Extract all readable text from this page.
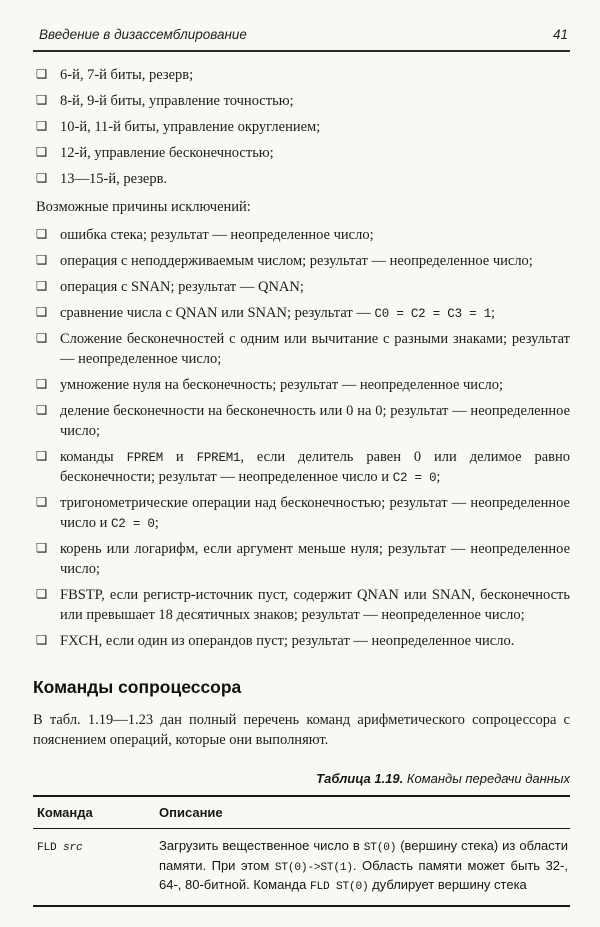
Введение в дизассемблирование	41
❑ 6-й, 7-й биты, резерв;
❑ 8-й, 9-й биты, управление точностью;
❑ 10-й, 11-й биты, управление округлением;
❑ 12-й, управление бесконечностью;
❑ 13—15-й, резерв.

Возможные причины исключений:

❑ ошибка стека; результат — неопределенное число;
❑ операция с неподдерживаемым числом; результат — неопределенное число;
❑ операция с SNAN; результат — QNAN;
❑ сравнение числа с QNAN или SNAN; результат — C0 = C2 = C3 = 1;
❑ Сложение бесконечностей с одним или вычитание с разными знаками; результат — неопределенное число;
❑ умножение нуля на бесконечность; результат — неопределенное число;
❑ деление бесконечности на бесконечность или 0 на 0; результат — неопределенное число;
❑ команды FPREM и FPREM1, если делитель равен 0 или делимое равно бесконечности; результат — неопределенное число и C2 = 0;
❑ тригонометрические операции над бесконечностью; результат — неопределенное число и C2 = 0;
❑ корень или логарифм, если аргумент меньше нуля; результат — неопределенное число;
❑ FBSTP, если регистр-источник пуст, содержит QNAN или SNAN, бесконечность или превышает 18 десятичных знаков; результат — неопределенное число;
❑ FXCH, если один из операндов пуст; результат — неопределенное число.
Команды сопроцессора

В табл. 1.19—1.23 дан полный перечень команд арифметического сопроцессора с пояснением операций, которые они выполняют.

Таблица 1.19. Команды передачи данных
Команда	Описание
FLD src	Загрузить вещественное число в ST(0) (вершину стека) из области памяти. При этом ST(0)->ST(1). Область памяти может быть 32-, 64-, 80-битной. Команда FLD ST(0) дублирует вершину стека
